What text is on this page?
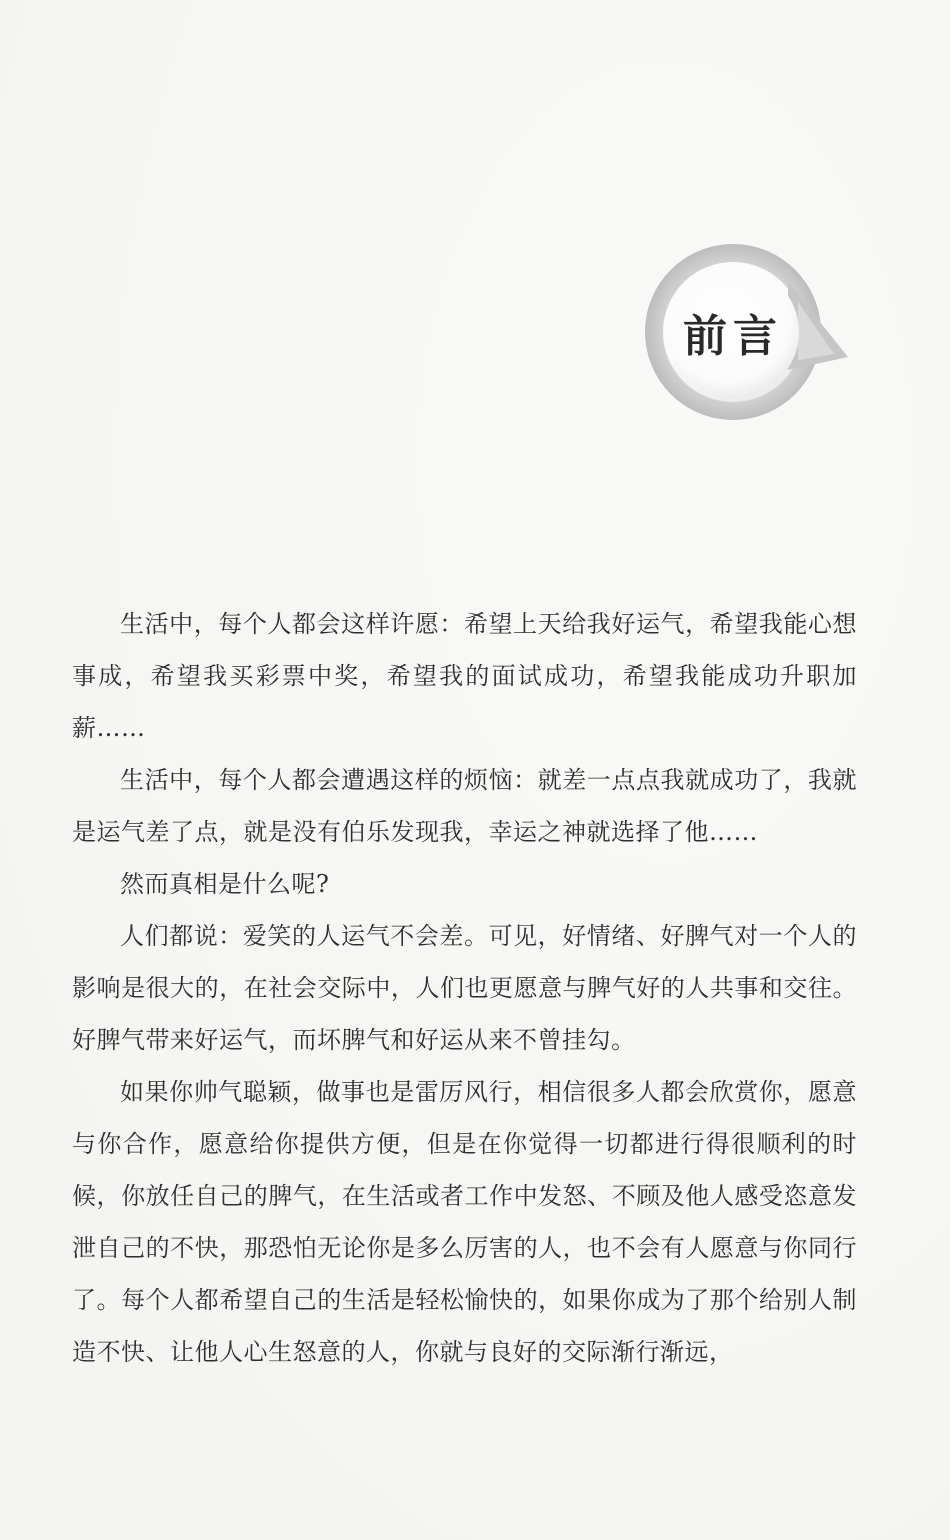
前言

生活中，每个人都会这样许愿：希望上天给我好运气，希望我能心想事成，希望我买彩票中奖，希望我的面试成功，希望我能成功升职加薪……

生活中，每个人都会遭遇这样的烦恼：就差一点点我就成功了，我就是运气差了点，就是没有伯乐发现我，幸运之神就选择了他……

然而真相是什么呢?

人们都说：爱笑的人运气不会差。可见，好情绪、好脾气对一个人的影响是很大的，在社会交际中，人们也更愿意与脾气好的人共事和交往。好脾气带来好运气，而坏脾气和好运从来不曾挂勾。

如果你帅气聪颖，做事也是雷厉风行，相信很多人都会欣赏你，愿意与你合作，愿意给你提供方便，但是在你觉得一切都进行得很顺利的时候，你放任自己的脾气，在生活或者工作中发怒、不顾及他人感受恣意发泄自己的不快，那恐怕无论你是多么厉害的人，也不会有人愿意与你同行了。每个人都希望自己的生活是轻松愉快的，如果你成为了那个给别人制造不快、让他人心生怒意的人，你就与良好的交际渐行渐远，
